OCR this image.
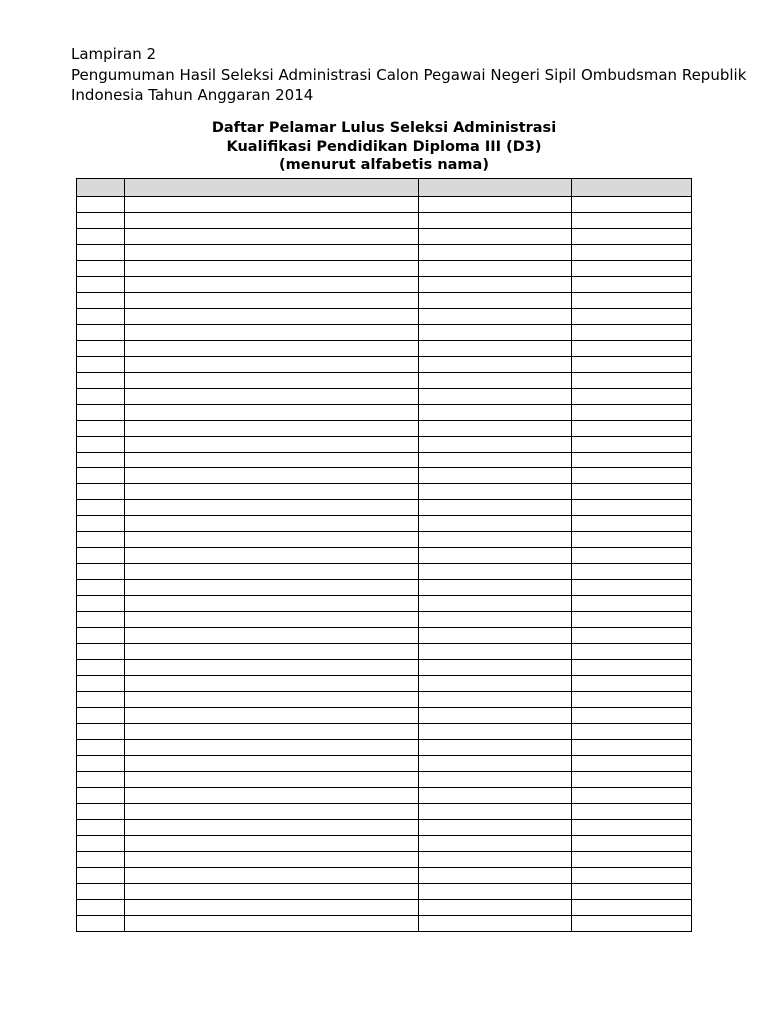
Lampiran 2
Pengumuman Hasil Seleksi Administrasi Calon Pegawai Negeri Sipil Ombudsman Republik
Indonesia Tahun Anggaran 2014
Daftar Pelamar Lulus Seleksi Administrasi
Kualifikasi Pendidikan Diploma III (D3)
(menurut alfabetis nama)
